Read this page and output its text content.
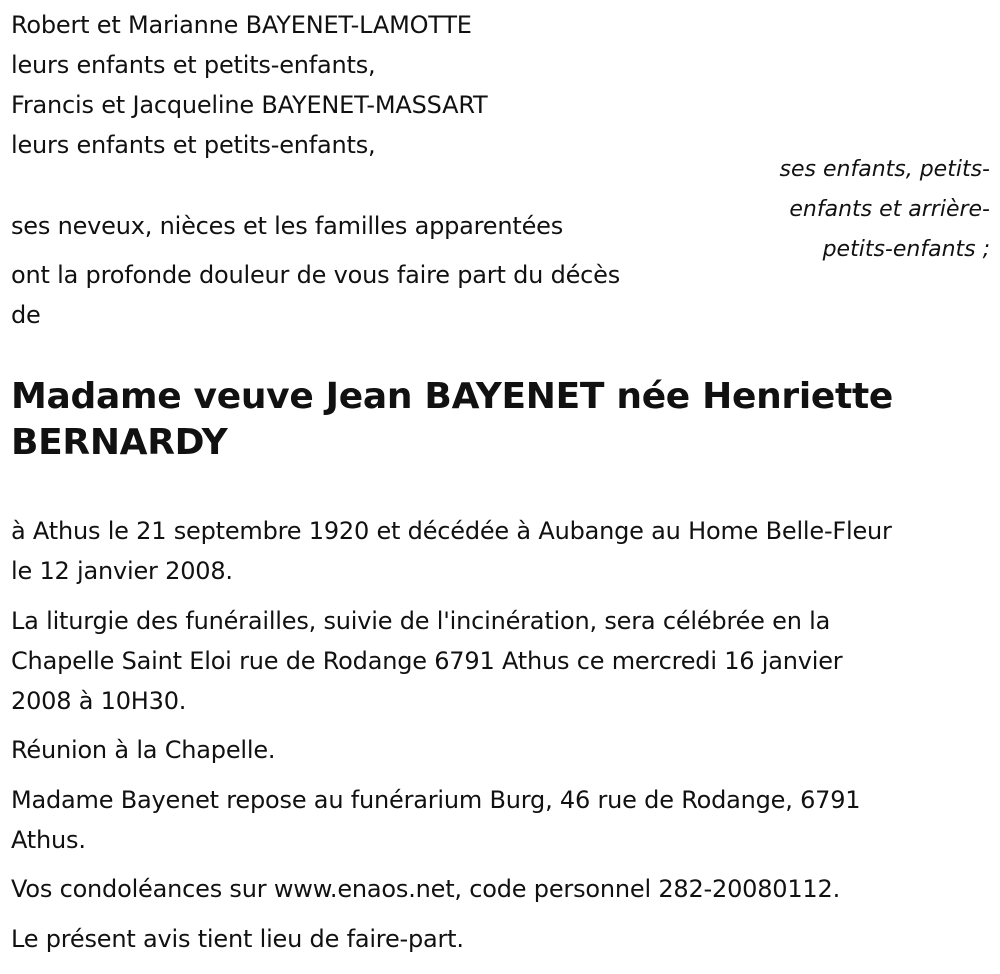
Robert et Marianne BAYENET-LAMOTTE
leurs enfants et petits-enfants,
Francis et Jacqueline BAYENET-MASSART
leurs enfants et petits-enfants,
ses enfants, petits-
enfants et arrière-
petits-enfants ;
ses neveux, nièces et les familles apparentées
ont la profonde douleur de vous faire part du décès
de
Madame veuve Jean BAYENET née Henriette
BERNARDY
à Athus le 21 septembre 1920 et décédée à Aubange au Home Belle-Fleur
le 12 janvier 2008.
La liturgie des funérailles, suivie de l'incinération, sera célébrée en la
Chapelle Saint Eloi rue de Rodange 6791 Athus ce mercredi 16 janvier
2008 à 10H30.
Réunion à la Chapelle.
Madame Bayenet repose au funérarium Burg, 46 rue de Rodange, 6791
Athus.
Vos condoléances sur www.enaos.net, code personnel 282-20080112.
Le présent avis tient lieu de faire-part.
